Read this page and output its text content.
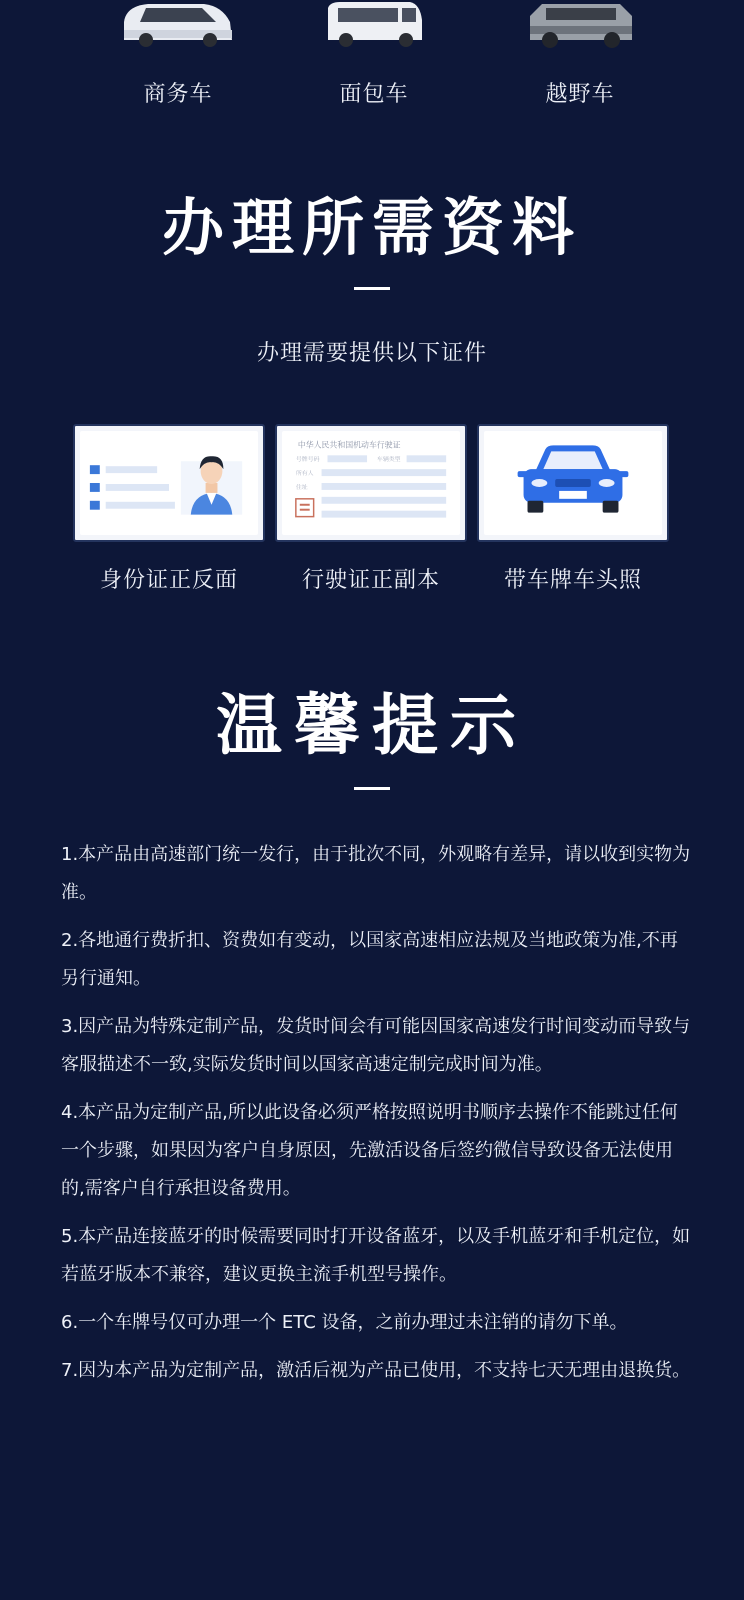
商务车	面包车	越野车
办理所需资料
办理需要提供以下证件
中华人民共和国机动车行驶证
号牌号码	车辆类型
所有人
住址
身份证正反面	行驶证正副本	带车牌车头照
温馨提示

1.本产品由高速部门统一发行，由于批次不同，外观略有差异，请以收到实物为准。

2.各地通行费折扣、资费如有变动，以国家高速相应法规及当地政策为准,不再另行通知。

3.因产品为特殊定制产品，发货时间会有可能因国家高速发行时间变动而导致与客服描述不一致,实际发货时间以国家高速定制完成时间为准。

4.本产品为定制产品,所以此设备必须严格按照说明书顺序去操作不能跳过任何一个步骤，如果因为客户自身原因，先激活设备后签约微信导致设备无法使用的,需客户自行承担设备费用。

5.本产品连接蓝牙的时候需要同时打开设备蓝牙，以及手机蓝牙和手机定位，如若蓝牙版本不兼容，建议更换主流手机型号操作。

6.一个车牌号仅可办理一个 ETC 设备，之前办理过未注销的请勿下单。

7.因为本产品为定制产品，激活后视为产品已使用，不支持七天无理由退换货。
